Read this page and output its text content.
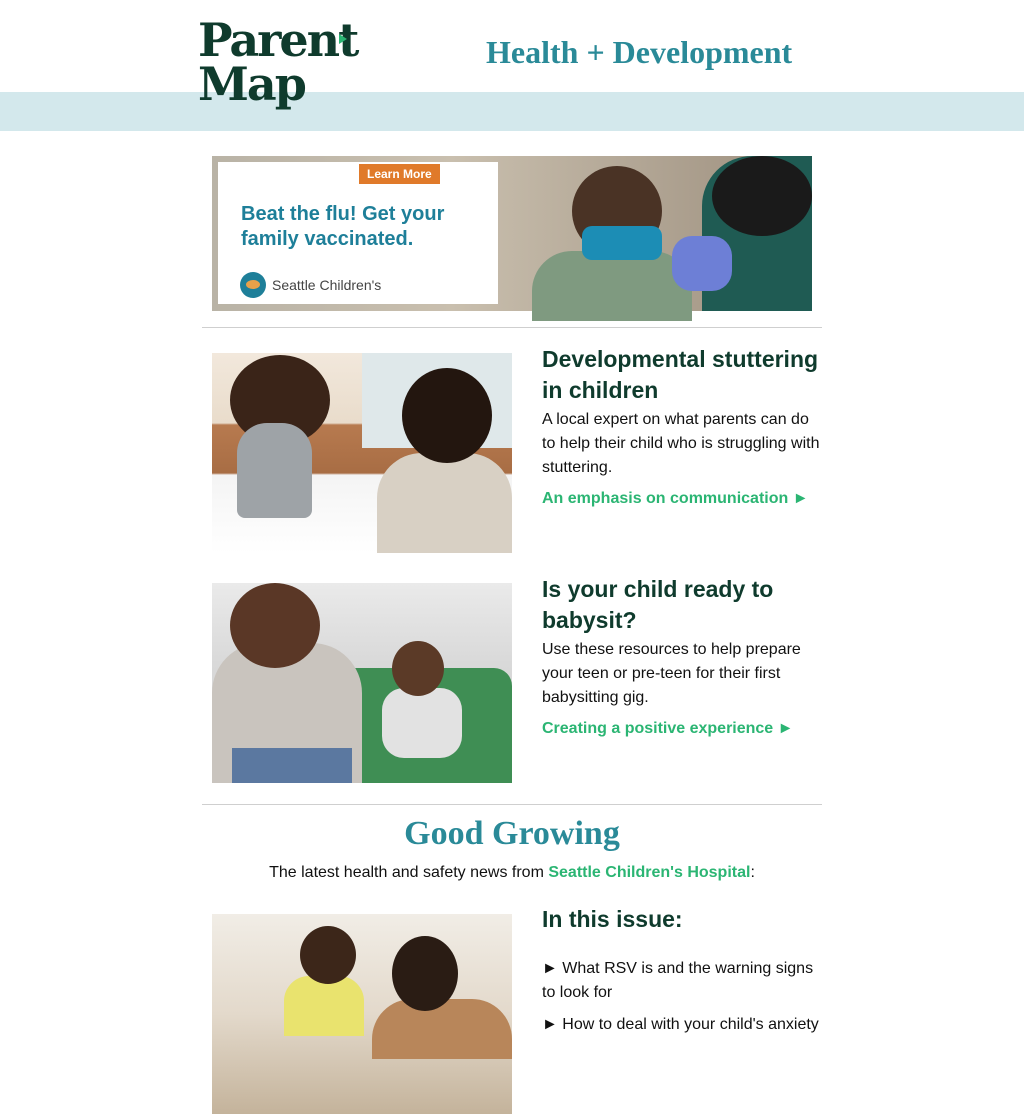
Parent
Map
Health + Development
Learn More
Beat the flu! Get your family vaccinated.
Seattle Children's
Developmental stuttering in children
A local expert on what parents can do to help their child who is struggling with stuttering.
An emphasis on communication ►
Is your child ready to babysit?
Use these resources to help prepare your teen or pre-teen for their first babysitting gig.
Creating a positive experience ►
Good Growing
The latest health and safety news from Seattle Children's Hospital:
In this issue:
► What RSV is and the warning signs to look for
► How to deal with your child's anxiety
